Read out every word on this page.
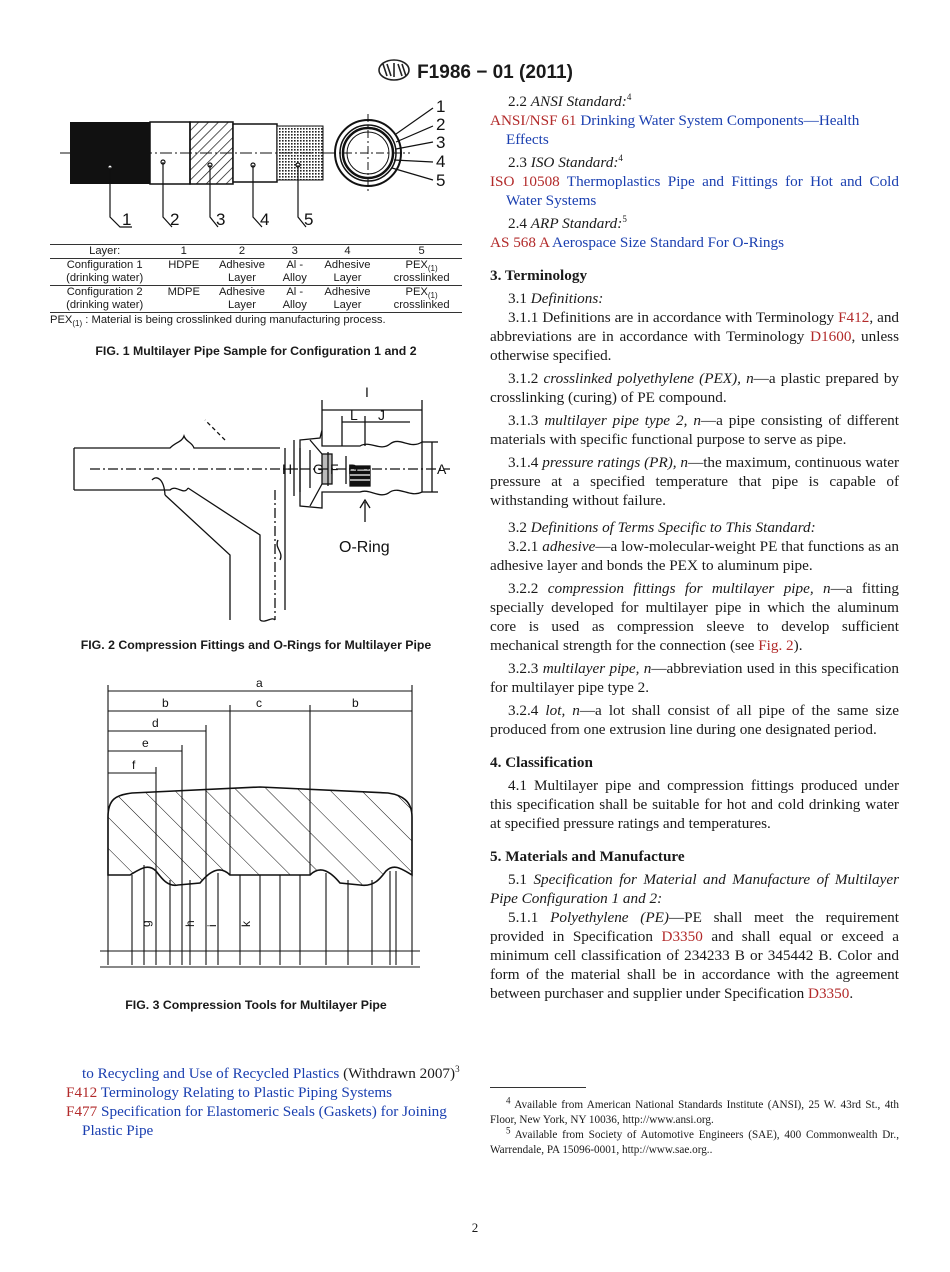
F1986 − 01 (2011)
1 2 3 4 5
1
2
3
4
5
Layer:	1	2	3	4	5
Configuration 1	HDPE	Adhesive	Al -	Adhesive	$PEX_{(1)}$
(drinking water)		Layer	Alloy	Layer	crosslinked
Configuration 2	MDPE	Adhesive	Al -	Adhesive	$PEX_{(1)}$
(drinking water)		Layer	Alloy	Layer	crosslinked
$PEX_{(1)}$ : Material is being crosslinked during manufacturing process.
FIG. 1 Multilayer Pipe Sample for Configuration 1 and 2
I
L J
H G F D	A
O-Ring
FIG. 2 Compression Fittings and O-Rings for Multilayer Pipe
a
b	c	b
d
e
f
g	h i k
FIG. 3 Compression Tools for Multilayer Pipe

to Recycling and Use of Recycled Plastics (Withdrawn 2007)$^3$

F412 Terminology Relating to Plastic Piping Systems

F477 Specification for Elastomeric Seals (Gaskets) for Joining Plastic Pipe

2.2 ANSI Standard:$^4$

ANSI/NSF 61 Drinking Water System Components—Health Effects

2.3 ISO Standard:$^4$

ISO 10508 Thermoplastics Pipe and Fittings for Hot and Cold Water Systems

2.4 ARP Standard:$^5$

AS 568 A Aerospace Size Standard For O-Rings

3. Terminology

3.1 Definitions:

3.1.1 Definitions are in accordance with Terminology F412, and abbreviations are in accordance with Terminology D1600, unless otherwise specified.

3.1.2 crosslinked polyethylene (PEX), n—a plastic prepared by crosslinking (curing) of PE compound.

3.1.3 multilayer pipe type 2, n—a pipe consisting of different materials with specific functional purpose to serve as pipe.

3.1.4 pressure ratings (PR), n—the maximum, continuous water pressure at a specified temperature that pipe is capable of withstanding without failure.

3.2 Definitions of Terms Specific to This Standard:

3.2.1 adhesive—a low-molecular-weight PE that functions as an adhesive layer and bonds the PEX to aluminum pipe.

3.2.2 compression fittings for multilayer pipe, n—a fitting specially developed for multilayer pipe in which the aluminum core is used as compression sleeve to develop sufficient mechanical strength for the connection (see Fig. 2).

3.2.3 multilayer pipe, n—abbreviation used in this specification for multilayer pipe type 2.

3.2.4 lot, n—a lot shall consist of all pipe of the same size produced from one extrusion line during one designated period.

4. Classification

4.1 Multilayer pipe and compression fittings produced under this specification shall be suitable for hot and cold drinking water at specified pressure ratings and temperatures.

5. Materials and Manufacture

5.1 Specification for Material and Manufacture of Multilayer Pipe Configuration 1 and 2:

5.1.1 Polyethylene (PE)—PE shall meet the requirement provided in Specification D3350 and shall equal or exceed a minimum cell classification of 234233 B or 345442 B. Color and form of the material shall be in accordance with the agreement between purchaser and supplier under Specification D3350.

$^4$ Available from American National Standards Institute (ANSI), 25 W. 43rd St., 4th Floor, New York, NY 10036, http://www.ansi.org.
$^5$ Available from Society of Automotive Engineers (SAE), 400 Commonwealth Dr., Warrendale, PA 15096-0001, http://www.sae.org..
2
